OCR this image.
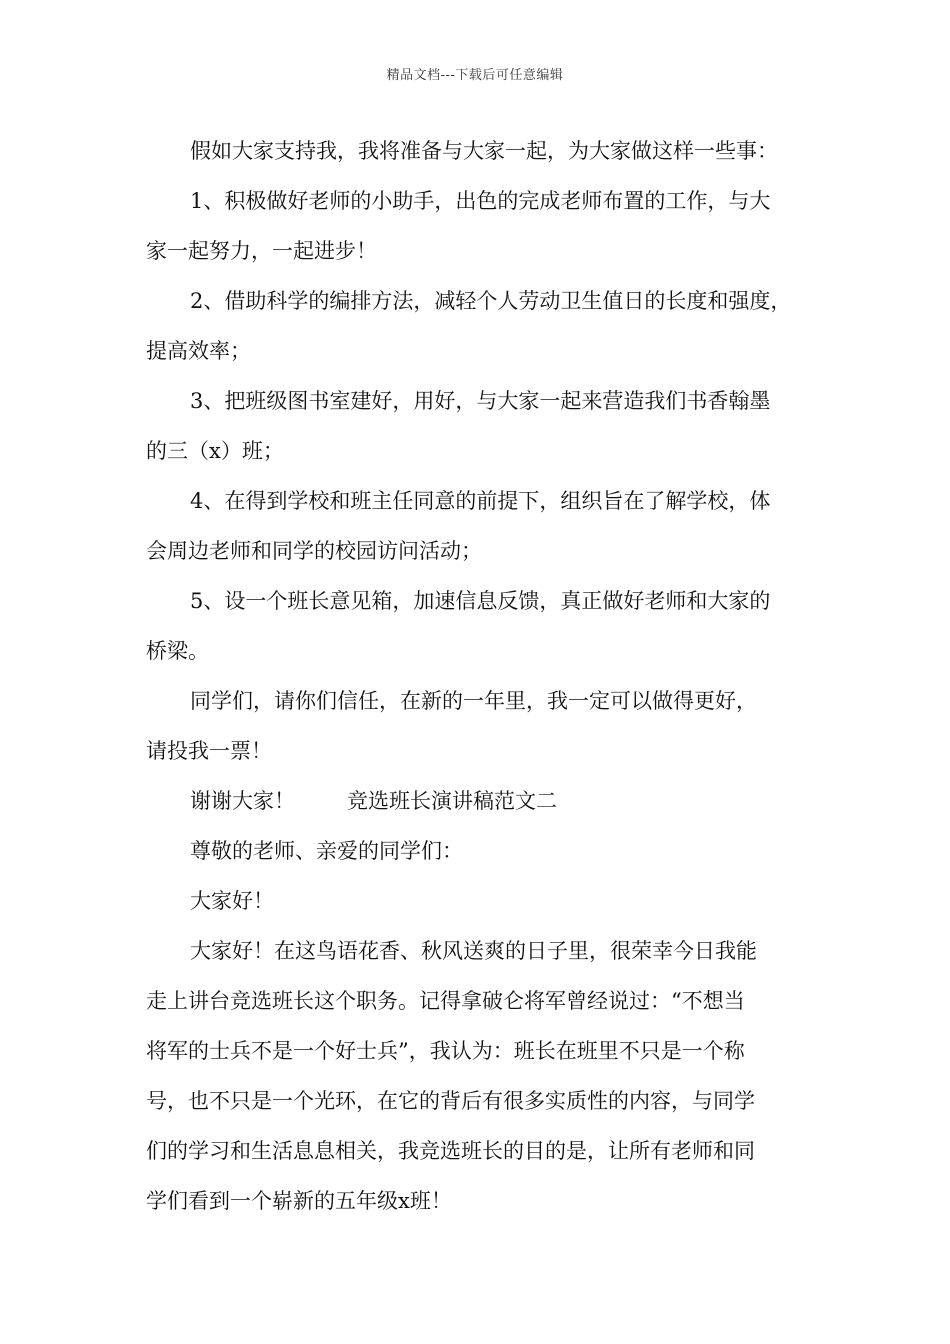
精品文档---下载后可任意编辑

假如大家支持我，我将准备与大家一起，为大家做这样一些事：

1、积极做好老师的小助手，出色的完成老师布置的工作，与大

家一起努力，一起进步！

2、借助科学的编排方法，减轻个人劳动卫生值日的长度和强度，

提高效率；

3、把班级图书室建好，用好，与大家一起来营造我们书香翰墨

的三（x）班；

4、在得到学校和班主任同意的前提下，组织旨在了解学校，体

会周边老师和同学的校园访问活动；

5、设一个班长意见箱，加速信息反馈，真正做好老师和大家的

桥梁。

同学们，请你们信任，在新的一年里，我一定可以做得更好，

请投我一票！

谢谢大家！ 竞选班长演讲稿范文二

尊敬的老师、亲爱的同学们：

大家好！

大家好！在这鸟语花香、秋风送爽的日子里，很荣幸今日我能

走上讲台竞选班长这个职务。记得拿破仑将军曾经说过：“不想当

将军的士兵不是一个好士兵”，我认为：班长在班里不只是一个称

号，也不只是一个光环，在它的背后有很多实质性的内容，与同学

们的学习和生活息息相关，我竞选班长的目的是，让所有老师和同

学们看到一个崭新的五年级x班！
